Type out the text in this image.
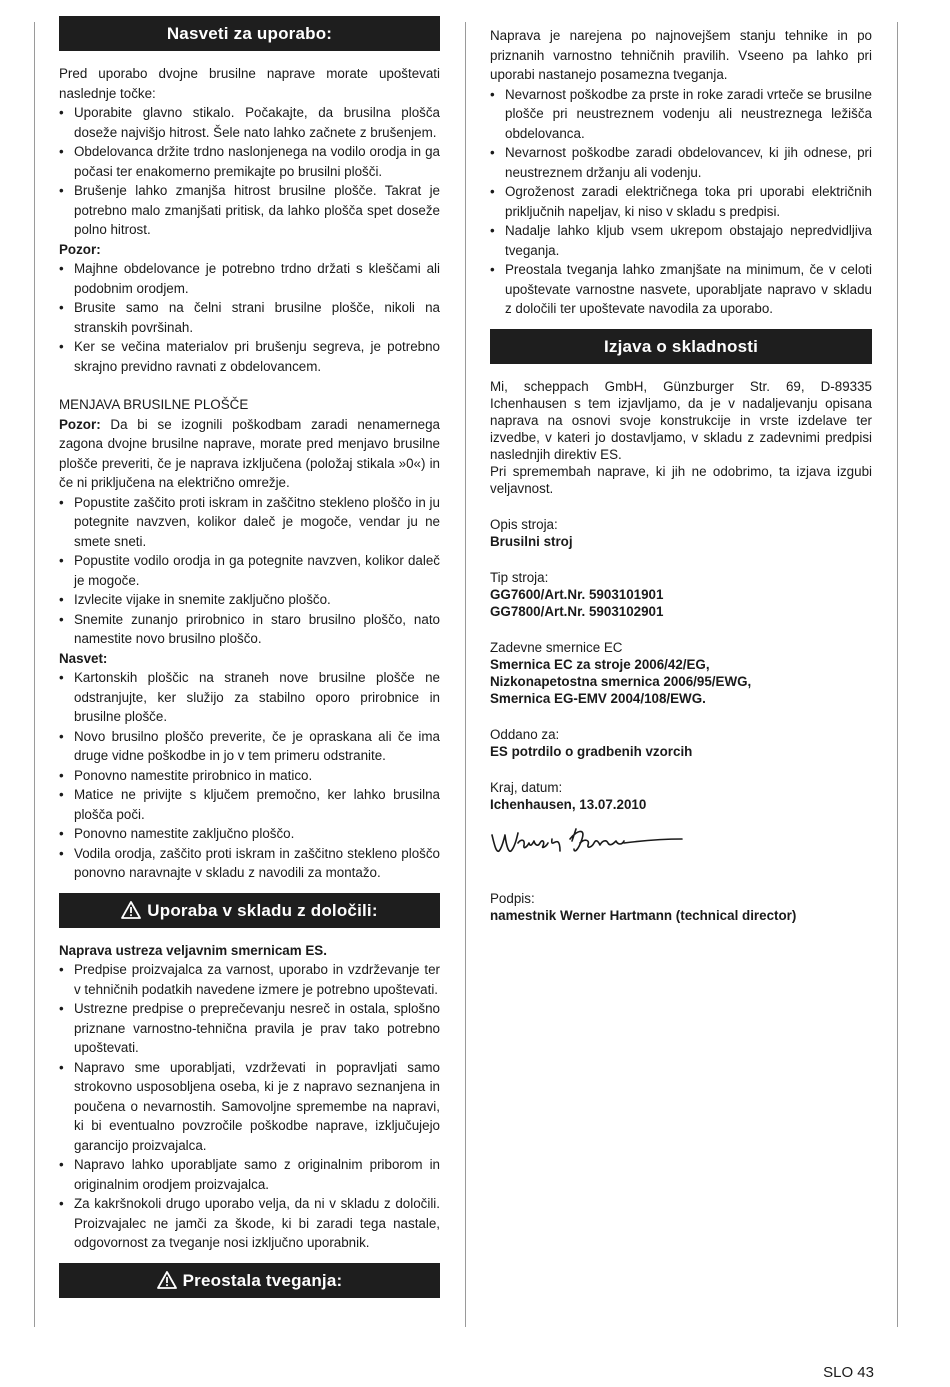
Nasveti za uporabo:

Pred uporabo dvojne brusilne naprave morate upoštevati naslednje točke:

• Uporabite glavno stikalo. Počakajte, da brusilna plošča doseže najvišjo hitrost. Šele nato lahko začnete z brušenjem.
• Obdelovanca držite trdno naslonjenega na vodilo orodja in ga počasi ter enakomerno premikajte po brusilni plošči.
• Brušenje lahko zmanjša hitrost brusilne plošče. Takrat je potrebno malo zmanjšati pritisk, da lahko plošča spet doseže polno hitrost.

Pozor:

• Majhne obdelovance je potrebno trdno držati s kleščami ali podobnim orodjem.
• Brusite samo na čelni strani brusilne plošče, nikoli na stranskih površinah.
• Ker se večina materialov pri brušenju segreva, je potrebno skrajno previdno ravnati z obdelovancem.

MENJAVA BRUSILNE PLOŠČE

Pozor: Da bi se izognili poškodbam zaradi nenamernega zagona dvojne brusilne naprave, morate pred menjavo brusilne plošče preveriti, če je naprava izključena (položaj stikala »0«) in če ni priključena na električno omrežje.

• Popustite zaščito proti iskram in zaščitno stekleno ploščo in ju potegnite navzven, kolikor daleč je mogoče, vendar ju ne smete sneti.
• Popustite vodilo orodja in ga potegnite navzven, kolikor daleč je mogoče.
• Izvlecite vijake in snemite zaključno ploščo.
• Snemite zunanjo prirobnico in staro brusilno ploščo, nato namestite novo brusilno ploščo.

Nasvet:

• Kartonskih ploščic na straneh nove brusilne plošče ne odstranjujte, ker služijo za stabilno oporo prirobnice in brusilne plošče.
• Novo brusilno ploščo preverite, če je opraskana ali če ima druge vidne poškodbe in jo v tem primeru odstranite.
• Ponovno namestite prirobnico in matico.
• Matice ne privijte s ključem premočno, ker lahko brusilna plošča poči.
• Ponovno namestite zaključno ploščo.
• Vodila orodja, zaščito proti iskram in zaščitno stekleno ploščo ponovno naravnajte v skladu z navodili za montažo.
Uporaba v skladu z določili:

Naprava ustreza veljavnim smernicam ES.

• Predpise proizvajalca za varnost, uporabo in vzdrževanje ter v tehničnih podatkih navedene izmere je potrebno upoštevati.
• Ustrezne predpise o preprečevanju nesreč in ostala, splošno priznane varnostno-tehnična pravila je prav tako potrebno upoštevati.
• Napravo sme uporabljati, vzdrževati in popravljati samo strokovno usposobljena oseba, ki je z napravo seznanjena in poučena o nevarnostih. Samovoljne spremembe na napravi, ki bi eventualno povzročile poškodbe naprave, izključujejo garancijo proizvajalca.
• Napravo lahko uporabljate samo z originalnim priborom in originalnim orodjem proizvajalca.
• Za kakršnokoli drugo uporabo velja, da ni v skladu z določili. Proizvajalec ne jamči za škode, ki bi zaradi tega nastale, odgovornost za tveganje nosi izključno uporabnik.
Preostala tveganja:

Naprava je narejena po najnovejšem stanju tehnike in po priznanih varnostno tehničnih pravilih. Vseeno pa lahko pri uporabi nastanejo posamezna tveganja.

• Nevarnost poškodbe za prste in roke zaradi vrteče se brusilne plošče pri neustreznem vodenju ali neustreznega ležišča obdelovanca.
• Nevarnost poškodbe zaradi obdelovancev, ki jih odnese, pri neustreznem držanju ali vodenju.
• Ogroženost zaradi električnega toka pri uporabi električnih priključnih napeljav, ki niso v skladu s predpisi.
• Nadalje lahko kljub vsem ukrepom obstajajo nepredvidljiva tveganja.
• Preostala tveganja lahko zmanjšate na minimum, če v celoti upoštevate varnostne nasvete, uporabljate napravo v skladu z določili ter upoštevate navodila za uporabo.
Izjava o skladnosti

Mi, scheppach GmbH, Günzburger Str. 69, D-89335 Ichenhausen s tem izjavljamo, da je v nadaljevanju opisana naprava na osnovi svoje konstrukcije in vrste izdelave ter izvedbe, v kateri jo dostavljamo, v skladu z zadevnimi predpisi naslednjih direktiv ES.

Pri spremembah naprave, ki jih ne odobrimo, ta izjava izgubi veljavnost.

Opis stroja:

Brusilni stroj

Tip stroja:

GG7600/Art.Nr. 5903101901

GG7800/Art.Nr. 5903102901

Zadevne smernice EC

Smernica EC za stroje 2006/42/EG,

Nizkonapetostna smernica 2006/95/EWG,

Smernica EG-EMV 2004/108/EWG.

Oddano za:

ES potrdilo o gradbenih vzorcih

Kraj, datum:

Ichenhausen, 13.07.2010

Podpis:

namestnik Werner Hartmann (technical director)

SLO 43
